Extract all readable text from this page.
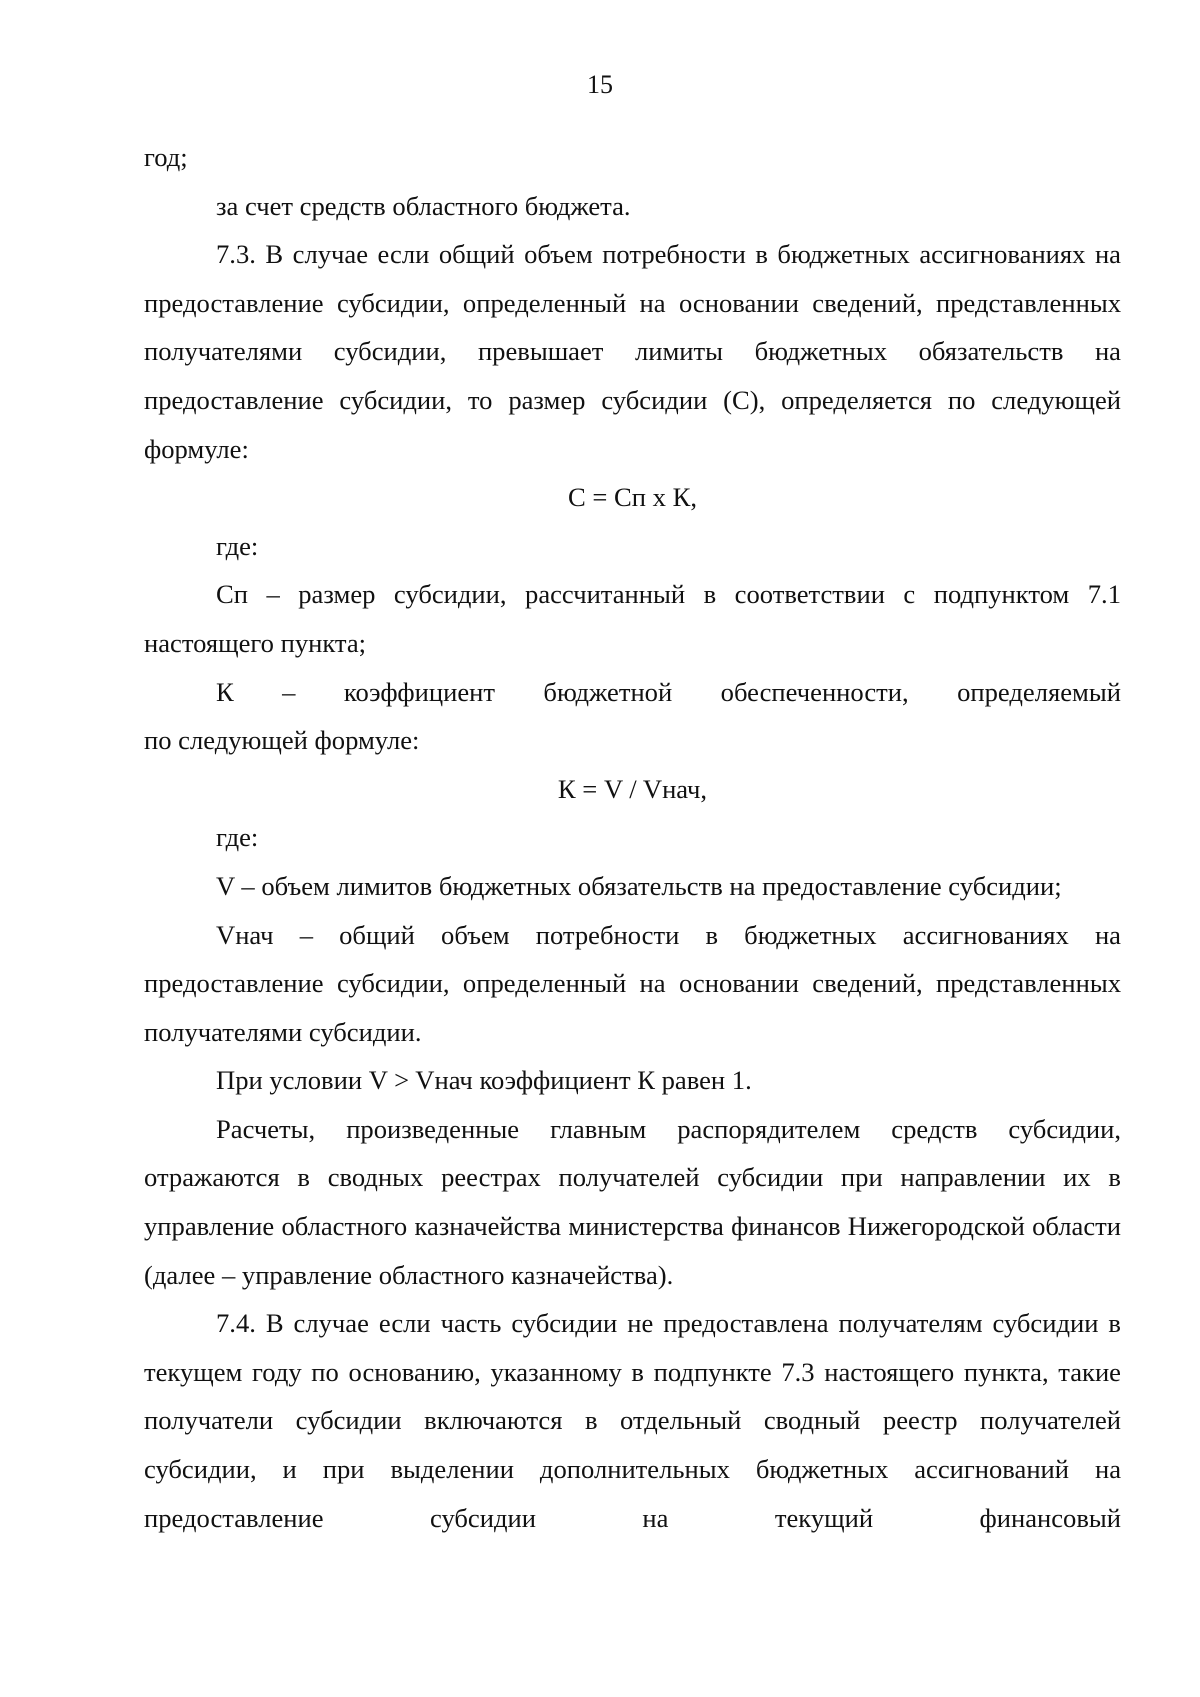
15

год;

за счет средств областного бюджета.

7.3. В случае если общий объем потребности в бюджетных ассигнованиях на предоставление субсидии, определенный на основании сведений, представленных получателями субсидии, превышает лимиты бюджетных обязательств на предоставление субсидии, то размер субсидии (С), определяется по следующей формуле:

С = Сп х К,

где:

Сп – размер субсидии, рассчитанный в соответствии с подпунктом 7.1 настоящего пункта;

К – коэффициент бюджетной обеспеченности, определяемый

по следующей формуле:

К = V / Vнач,

где:

V – объем лимитов бюджетных обязательств на предоставление субсидии;

Vнач – общий объем потребности в бюджетных ассигнованиях на предоставление субсидии, определенный на основании сведений, представленных получателями субсидии.

При условии V > Vнач коэффициент К равен 1.

Расчеты, произведенные главным распорядителем средств субсидии, отражаются в сводных реестрах получателей субсидии при направлении их в управление областного казначейства министерства финансов Нижегородской области (далее – управление областного казначейства).

7.4. В случае если часть субсидии не предоставлена получателям субсидии в текущем году по основанию, указанному в подпункте 7.3 настоящего пункта, такие получатели субсидии включаются в отдельный сводный реестр получателей субсидии, и при выделении дополнительных бюджетных ассигнований на предоставление субсидии на текущий финансовый
